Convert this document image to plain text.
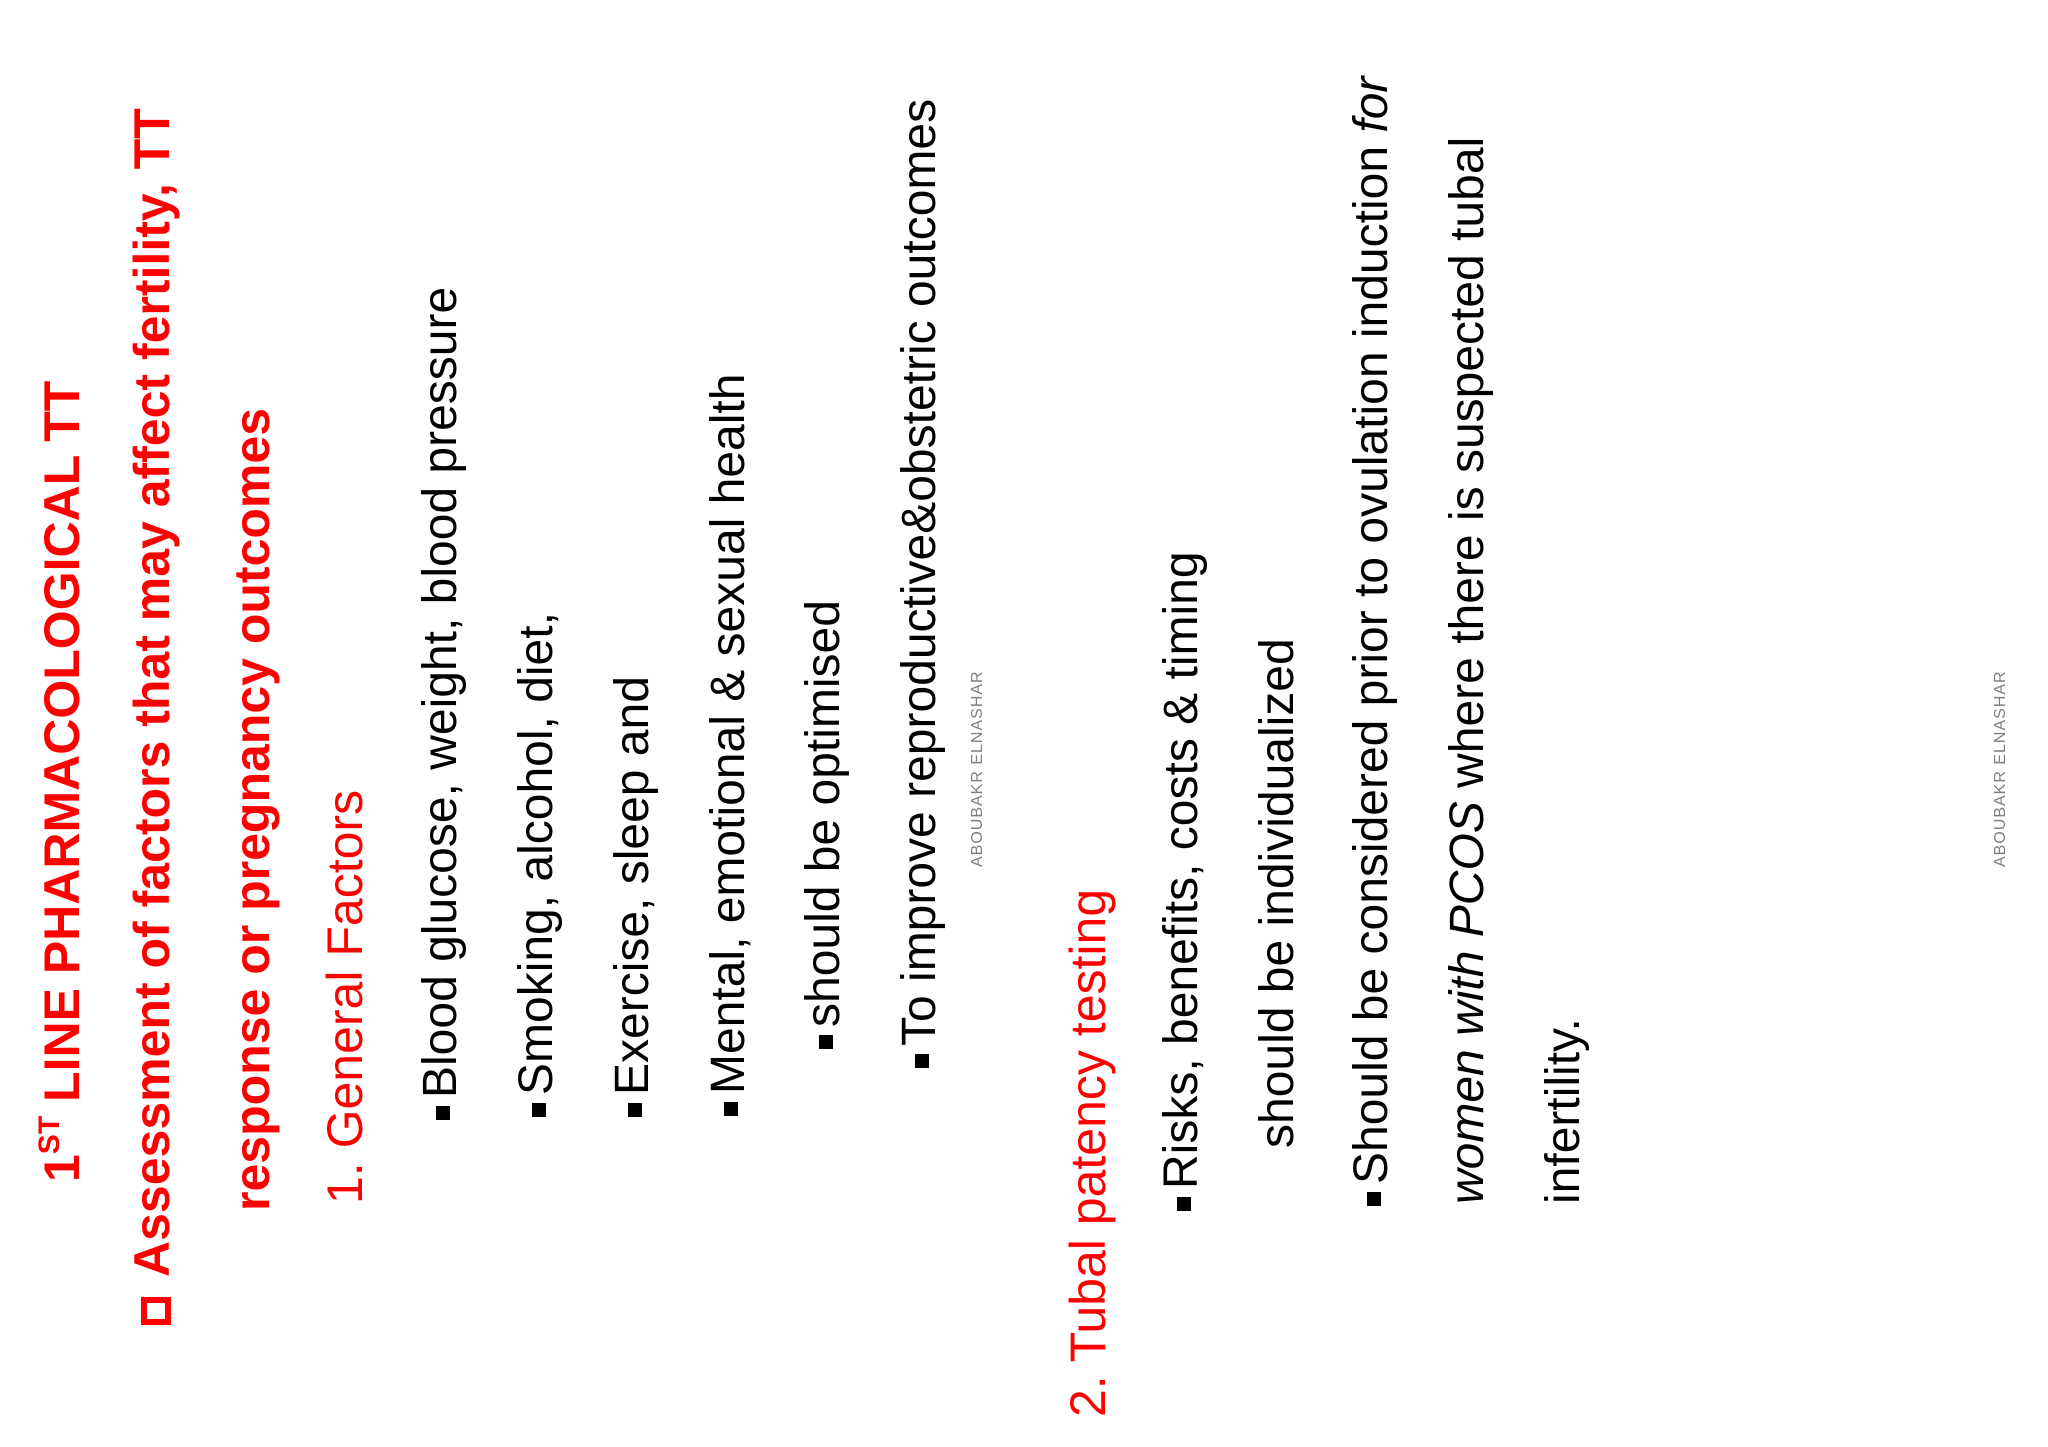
1ST LINE PHARMACOLOGICAL TT Assessment of factors that may affect fertility, TT response or pregnancy outcomes 1. General Factors Blood glucose, weight, blood pressure Smoking, alcohol, diet, Exercise, sleep and Mental, emotional & sexual health should be optimised To improve reproductive&obstetric outcomes
2. Tubal patency testing Risks, benefits, costs & timing should be individualized Should be considered prior to ovulation induction for
women with PCOS where there is suspected tubal
infertility.
ABOUBAKR ELNASHAR	ABOUBAKR ELNASHAR
